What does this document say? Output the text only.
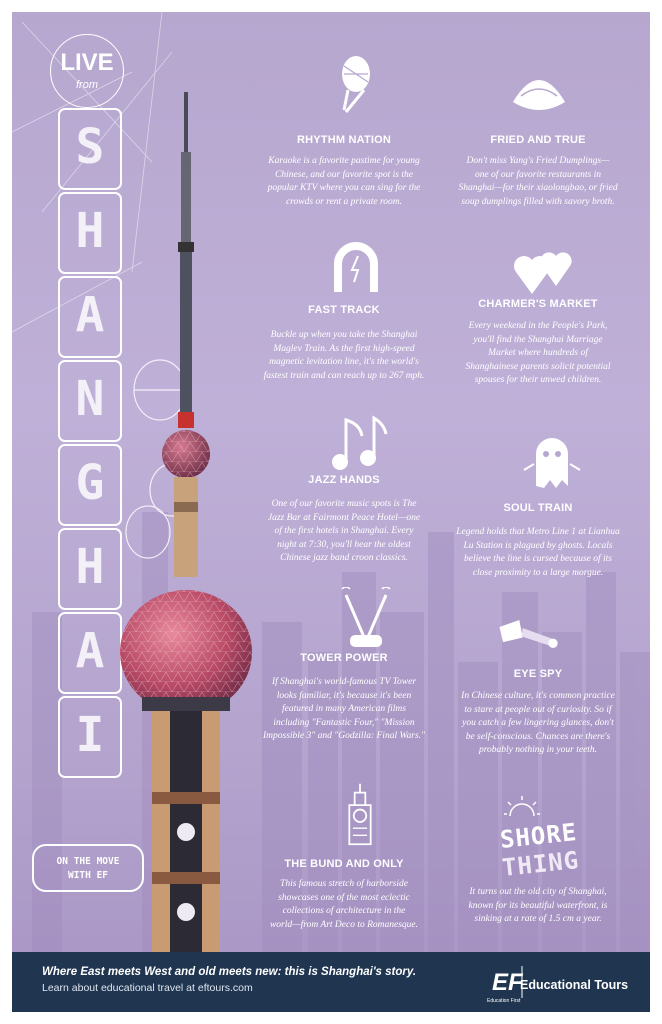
LIVE
from
S
H
A
N
G
H
A
I
ON THE MOVE
WITH EF
RHYTHM NATION
Karaoke is a favorite pastime for young
Chinese, and our favorite spot is the
popular KTV where you can sing for the
crowds or rent a private room.
FRIED AND TRUE
Don't miss Yang's Fried Dumplings—
one of our favorite restaurants in
Shanghai—for their xiaolongbao, or fried
soup dumplings filled with savory broth.
FAST TRACK
Buckle up when you take the Shanghai
Maglev Train. As the first high-speed
magnetic levitation line, it's the world's
fastest train and can reach up to 267 mph.
CHARMER'S MARKET
Every weekend in the People's Park,
you'll find the Shanghai Marriage
Market where hundreds of
Shanghainese parents solicit potential
spouses for their unwed children.
JAZZ HANDS
One of our favorite music spots is The
Jazz Bar at Fairmont Peace Hotel—one
of the first hotels in Shanghai. Every
night at 7:30, you'll hear the oldest
Chinese jazz band croon classics.
SOUL TRAIN
Legend holds that Metro Line 1 at Lianhua
Lu Station is plagued by ghosts. Locals
believe the line is cursed because of its
close proximity to a large morgue.
TOWER POWER
If Shanghai's world-famous TV Tower
looks familiar, it's because it's been
featured in many American films
including "Fantastic Four," "Mission
Impossible 3" and "Godzilla: Final Wars."
EYE SPY
In Chinese culture, it's common practice
to stare at people out of curiosity. So if
you catch a few lingering glances, don't
be self-conscious. Chances are there's
probably nothing in your teeth.
THE BUND AND ONLY
This famous stretch of harborside
showcases one of the most eclectic
collections of architecture in the
world—from Art Deco to Romanesque.
SHORE
THING
It turns out the old city of Shanghai,
known for its beautiful waterfront, is
sinking at a rate of 1.5 cm a year.
Where East meets West and old meets new: this is Shanghai's story.
Learn about educational travel at eftours.com	EF
Education First
Educational Tours
